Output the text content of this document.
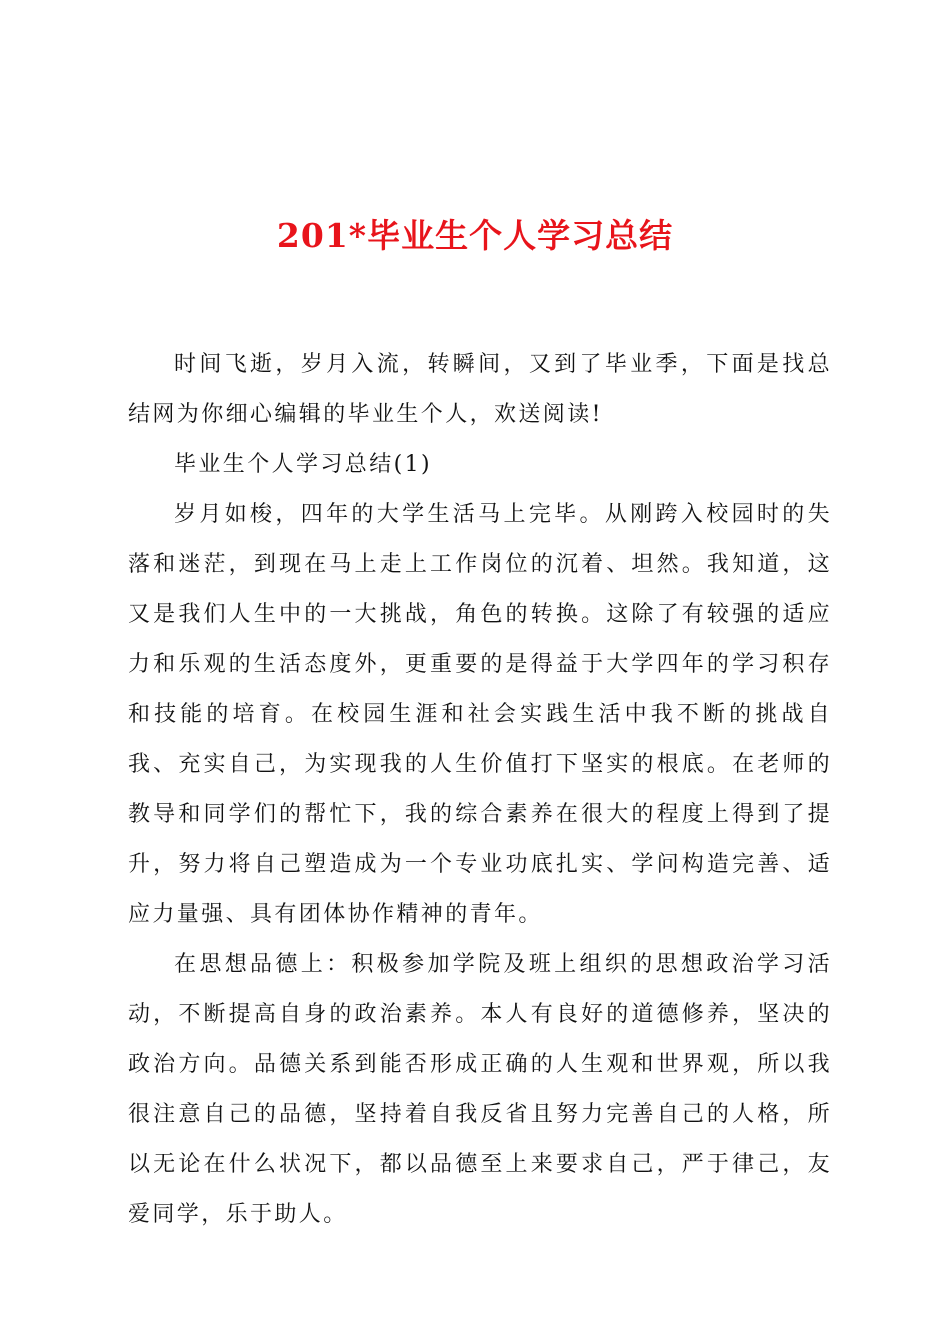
201*毕业生个人学习总结

时间飞逝，岁月入流，转瞬间，又到了毕业季，下面是找总结网为你细心编辑的毕业生个人，欢送阅读!

毕业生个人学习总结(1)

岁月如梭，四年的大学生活马上完毕。从刚跨入校园时的失落和迷茫，到现在马上走上工作岗位的沉着、坦然。我知道，这又是我们人生中的一大挑战，角色的转换。这除了有较强的适应力和乐观的生活态度外，更重要的是得益于大学四年的学习积存和技能的培育。在校园生涯和社会实践生活中我不断的挑战自我、充实自己，为实现我的人生价值打下坚实的根底。在老师的教导和同学们的帮忙下，我的综合素养在很大的程度上得到了提升，努力将自己塑造成为一个专业功底扎实、学问构造完善、适应力量强、具有团体协作精神的青年。

在思想品德上：积极参加学院及班上组织的思想政治学习活动，不断提高自身的政治素养。本人有良好的道德修养，坚决的政治方向。品德关系到能否形成正确的人生观和世界观，所以我很注意自己的品德，坚持着自我反省且努力完善自己的人格，所以无论在什么状况下，都以品德至上来要求自己，严于律己，友爱同学，乐于助人。
